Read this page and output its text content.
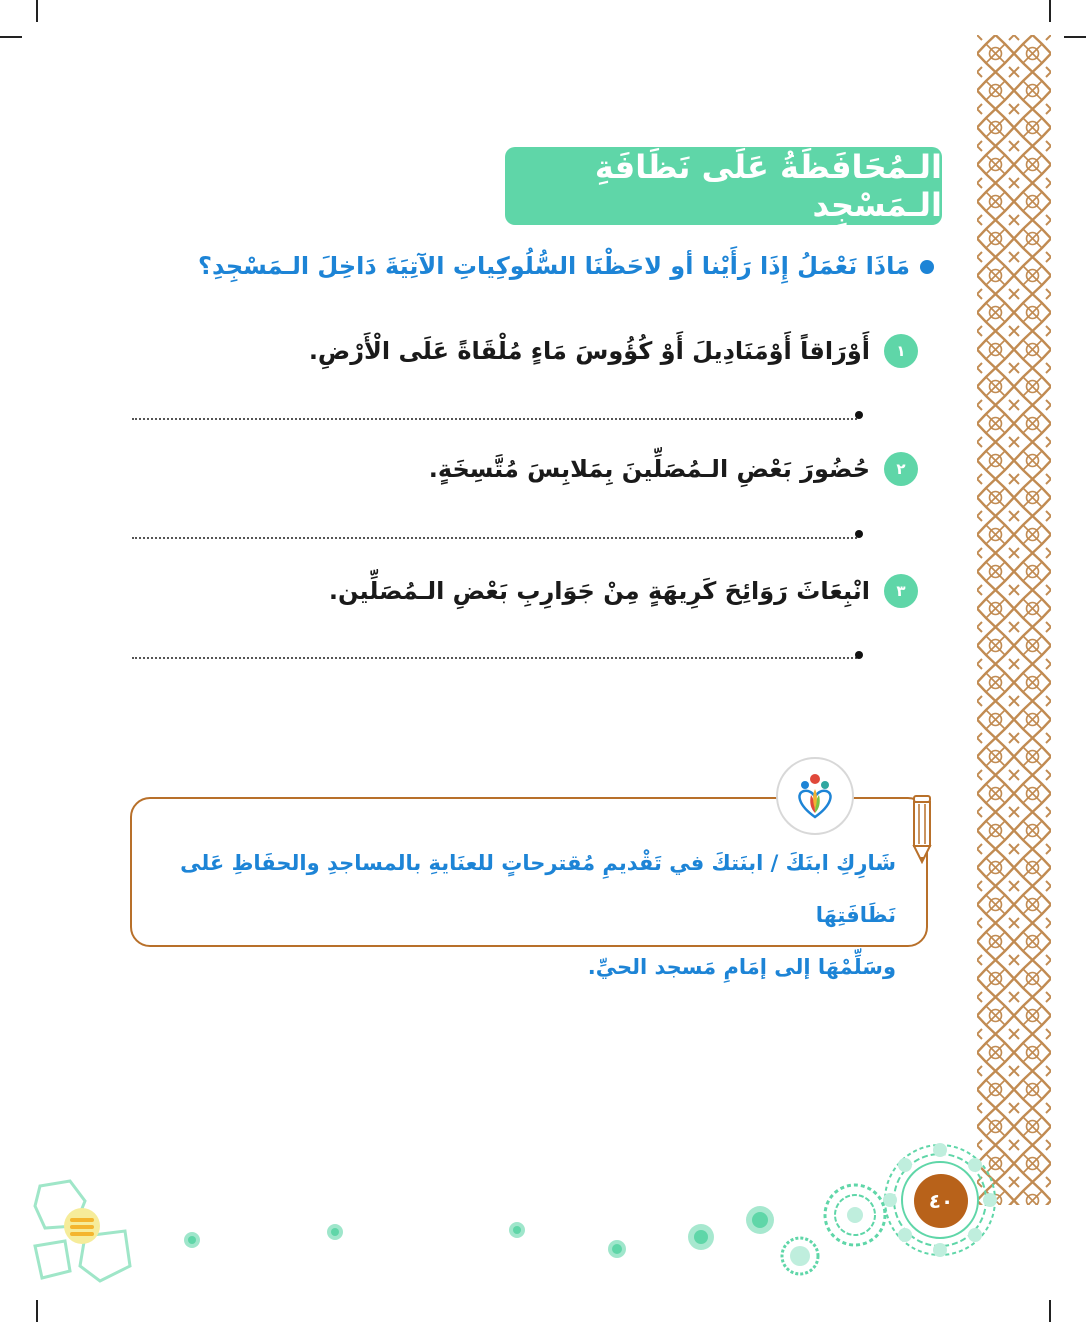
الـمُحَافَظَةُ عَلَى نَظَافَةِ الـمَسْجِد
مَاذَا نَعْمَلُ إِذَا رَأَيْنا أو لاحَظْنَا السُّلُوكِياتِ الآتِيَةَ دَاخِلَ الـمَسْجِدِ؟
١
أَوْرَاقاً أَوْمَنَادِيلَ أَوْ كُؤُوسَ مَاءٍ مُلْقَاةً عَلَى الْأَرْضِ.
٢
حُضُورَ بَعْضِ الـمُصَلِّينَ بِمَلابِسَ مُتَّسِخَةٍ.
٣
انْبِعَاثَ رَوَائِحَ كَرِيهَةٍ مِنْ جَوَارِبِ بَعْضِ الـمُصَلِّين.
شَارِكِ ابنَكَ / ابنَتكَ في تَقْديمِ مُقترحاتٍ للعنَايةِ بالمساجدِ والحفَاظِ عَلى نَظَافَتِهَا
وسَلِّمْهَا إلى إمَامِ مَسجد الحيِّ.
٤٠
